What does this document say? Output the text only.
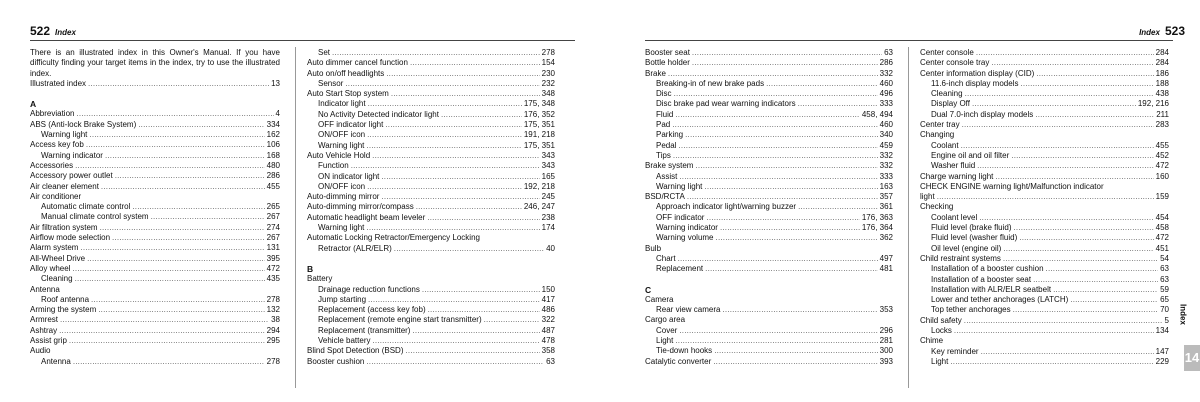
522 Index	Index 523
There is an illustrated index in this Owner's Manual. If you have difficulty finding your target items in the index, try to use the illustrated index.
Illustrated index .....	13
A
Abbreviation .....	4
ABS (Anti-lock Brake System) .....	334
Warning light .....	162
Access key fob .....	106
Warning indicator .....	168
Accessories .....	480
Accessory power outlet .....	286
Air cleaner element .....	455
Air conditioner
Automatic climate control .....	265
Manual climate control system .....	267
Air filtration system .....	274
Airflow mode selection .....	267
Alarm system .....	131
All-Wheel Drive .....	395
Alloy wheel .....	472
Cleaning .....	435
Antenna
Roof antenna .....	278
Arming the system .....	132
Armrest .....	38
Ashtray .....	294
Assist grip .....	295
Audio
Antenna .....	278
Set .....	278
Auto dimmer cancel function .....	154
Auto on/off headlights .....	230
Sensor .....	232
Auto Start Stop system .....	348
Indicator light .....	175, 348
No Activity Detected indicator light .....	176, 352
OFF indicator light .....	175, 351
ON/OFF icon .....	191, 218
Warning light .....	175, 351
Auto Vehicle Hold .....	343
Function .....	343
ON indicator light .....	165
ON/OFF icon .....	192, 218
Auto-dimming mirror .....	245
Auto-dimming mirror/compass .....	246, 247
Automatic headlight beam leveler .....	238
Warning light .....	174
Automatic Locking Retractor/Emergency Locking
Retractor (ALR/ELR) .....	40
B
Battery
Drainage reduction functions .....	150
Jump starting .....	417
Replacement (access key fob) .....	486
Replacement (remote engine start transmitter) .....	322
Replacement (transmitter) .....	487
Vehicle battery .....	478
Blind Spot Detection (BSD) .....	358
Booster cushion .....	63
Booster seat .....	63
Bottle holder .....	286
Brake .....	332
Breaking-in of new brake pads .....	460
Disc .....	496
Disc brake pad wear warning indicators .....	333
Fluid .....	458, 494
Pad .....	460
Parking .....	340
Pedal .....	459
Tips .....	332
Brake system .....	332
Assist .....	333
Warning light .....	163
BSD/RCTA .....	357
Approach indicator light/warning buzzer .....	361
OFF indicator .....	176, 363
Warning indicator .....	176, 364
Warning volume .....	362
Bulb
Chart .....	497
Replacement .....	481
C
Camera
Rear view camera .....	353
Cargo area
Cover .....	296
Light .....	281
Tie-down hooks .....	300
Catalytic converter .....	393
Center console .....	284
Center console tray .....	284
Center information display (CID) .....	186
11.6-inch display models .....	188
Cleaning .....	438
Display Off .....	192, 216
Dual 7.0-inch display models .....	211
Center tray .....	283
Changing
Coolant .....	455
Engine oil and oil filter .....	452
Washer fluid .....	472
Charge warning light .....	160
CHECK ENGINE warning light/Malfunction indicator
light .....	159
Checking
Coolant level .....	454
Fluid level (brake fluid) .....	458
Fluid level (washer fluid) .....	472
Oil level (engine oil) .....	451
Child restraint systems .....	54
Installation of a booster cushion .....	63
Installation of a booster seat .....	63
Installation with ALR/ELR seatbelt .....	59
Lower and tether anchorages (LATCH) .....	65
Top tether anchorages .....	70
Child safety .....	5
Locks .....	134
Chime
Key reminder .....	147
Light .....	229
Index
14
